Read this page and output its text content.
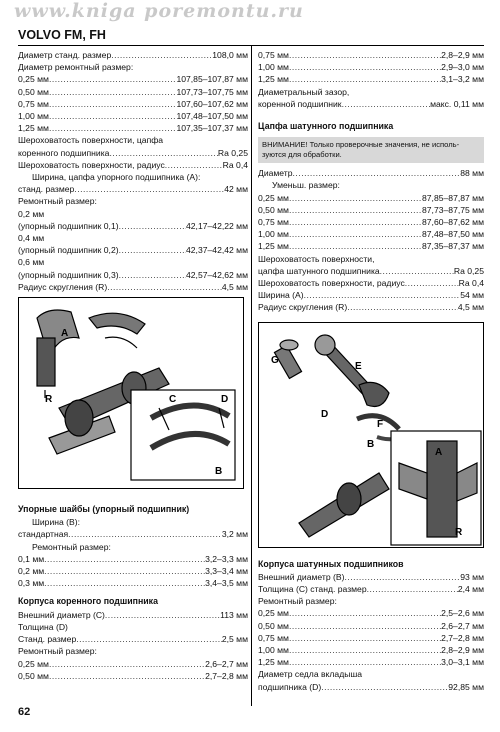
www.kniga poremontu.ru
VOLVO FM, FH
Диаметр станд. размер .....	108,0 мм
Диаметр ремонтный размер:
0,25 мм .....	107,85–107,87 мм
0,50 мм .....	107,73–107,75 мм
0,75 мм .....	107,60–107,62 мм
1,00 мм .....	107,48–107,50 мм
1,25 мм .....	107,35–107,37 мм
Шероховатость поверхности, цапфа
коренного подшипника .....	Ra 0,25
Шероховатость поверхности, радиус .....	Ra 0,4
Ширина, цапфа упорного подшипника (А):
станд. размер .....	42 мм
Ремонтный размер:
0,2 мм
(упорный подшипник 0,1) .....	42,17–42,22 мм
0,4 мм
(упорный подшипник 0,2) .....	42,37–42,42 мм
0,6 мм
(упорный подшипник 0,3) .....	42,57–42,62 мм
Радиус скругления (R) .....	4,5 мм
A
R	C	D
B
Упорные шайбы (упорный подшипник)
Ширина (В):
стандартная .....	3,2 мм
Ремонтный размер:
0,1 мм .....	3,2–3,3 мм
0,2 мм .....	3,3–3,4 мм
0,3 мм .....	3,4–3,5 мм
Корпуса коренного подшипника
Внешний диаметр (С) .....	113 мм
Толщина (D)
Станд. размер .....	2,5 мм
Ремонтный размер:
0,25 мм .....	2,6–2,7 мм
0,50 мм .....	2,7–2,8 мм
0,75 мм .....	2,8–2,9 мм
1,00 мм .....	2,9–3,0 мм
1,25 мм .....	3,1–3,2 мм
Диаметральный зазор,
коренной подшипник .....	макс. 0,11 мм
Цапфа шатунного подшипника
ВНИМАНИЕ! Только проверочные значения, не исполь- зуются для обработки.
Диаметр .....	88 мм
Уменьш. размер:
0,25 мм .....	87,85–87,87 мм
0,50 мм .....	87,73–87,75 мм
0,75 мм .....	87,60–87,62 мм
1,00 мм .....	87,48–87,50 мм
1,25 мм .....	87,35–87,37 мм
Шероховатость поверхности,
цапфа шатунного подшипника .....	Ra 0,25
Шероховатость поверхности, радиус .....	Ra 0,4
Ширина (А) .....	54 мм
Радиус скругления (R) .....	4,5 мм
G
E
D
F
B
A
R
Корпуса шатунных подшипников
Внешний диаметр (В) .....	93 мм
Толщина (С) станд. размер .....	2,4 мм
Ремонтный размер:
0,25 мм .....	2,5–2,6 мм
0,50 мм .....	2,6–2,7 мм
0,75 мм .....	2,7–2,8 мм
1,00 мм .....	2,8–2,9 мм
1,25 мм .....	3,0–3,1 мм
Диаметр седла вкладыша
подшипника (D) .....	92,85 мм
62
